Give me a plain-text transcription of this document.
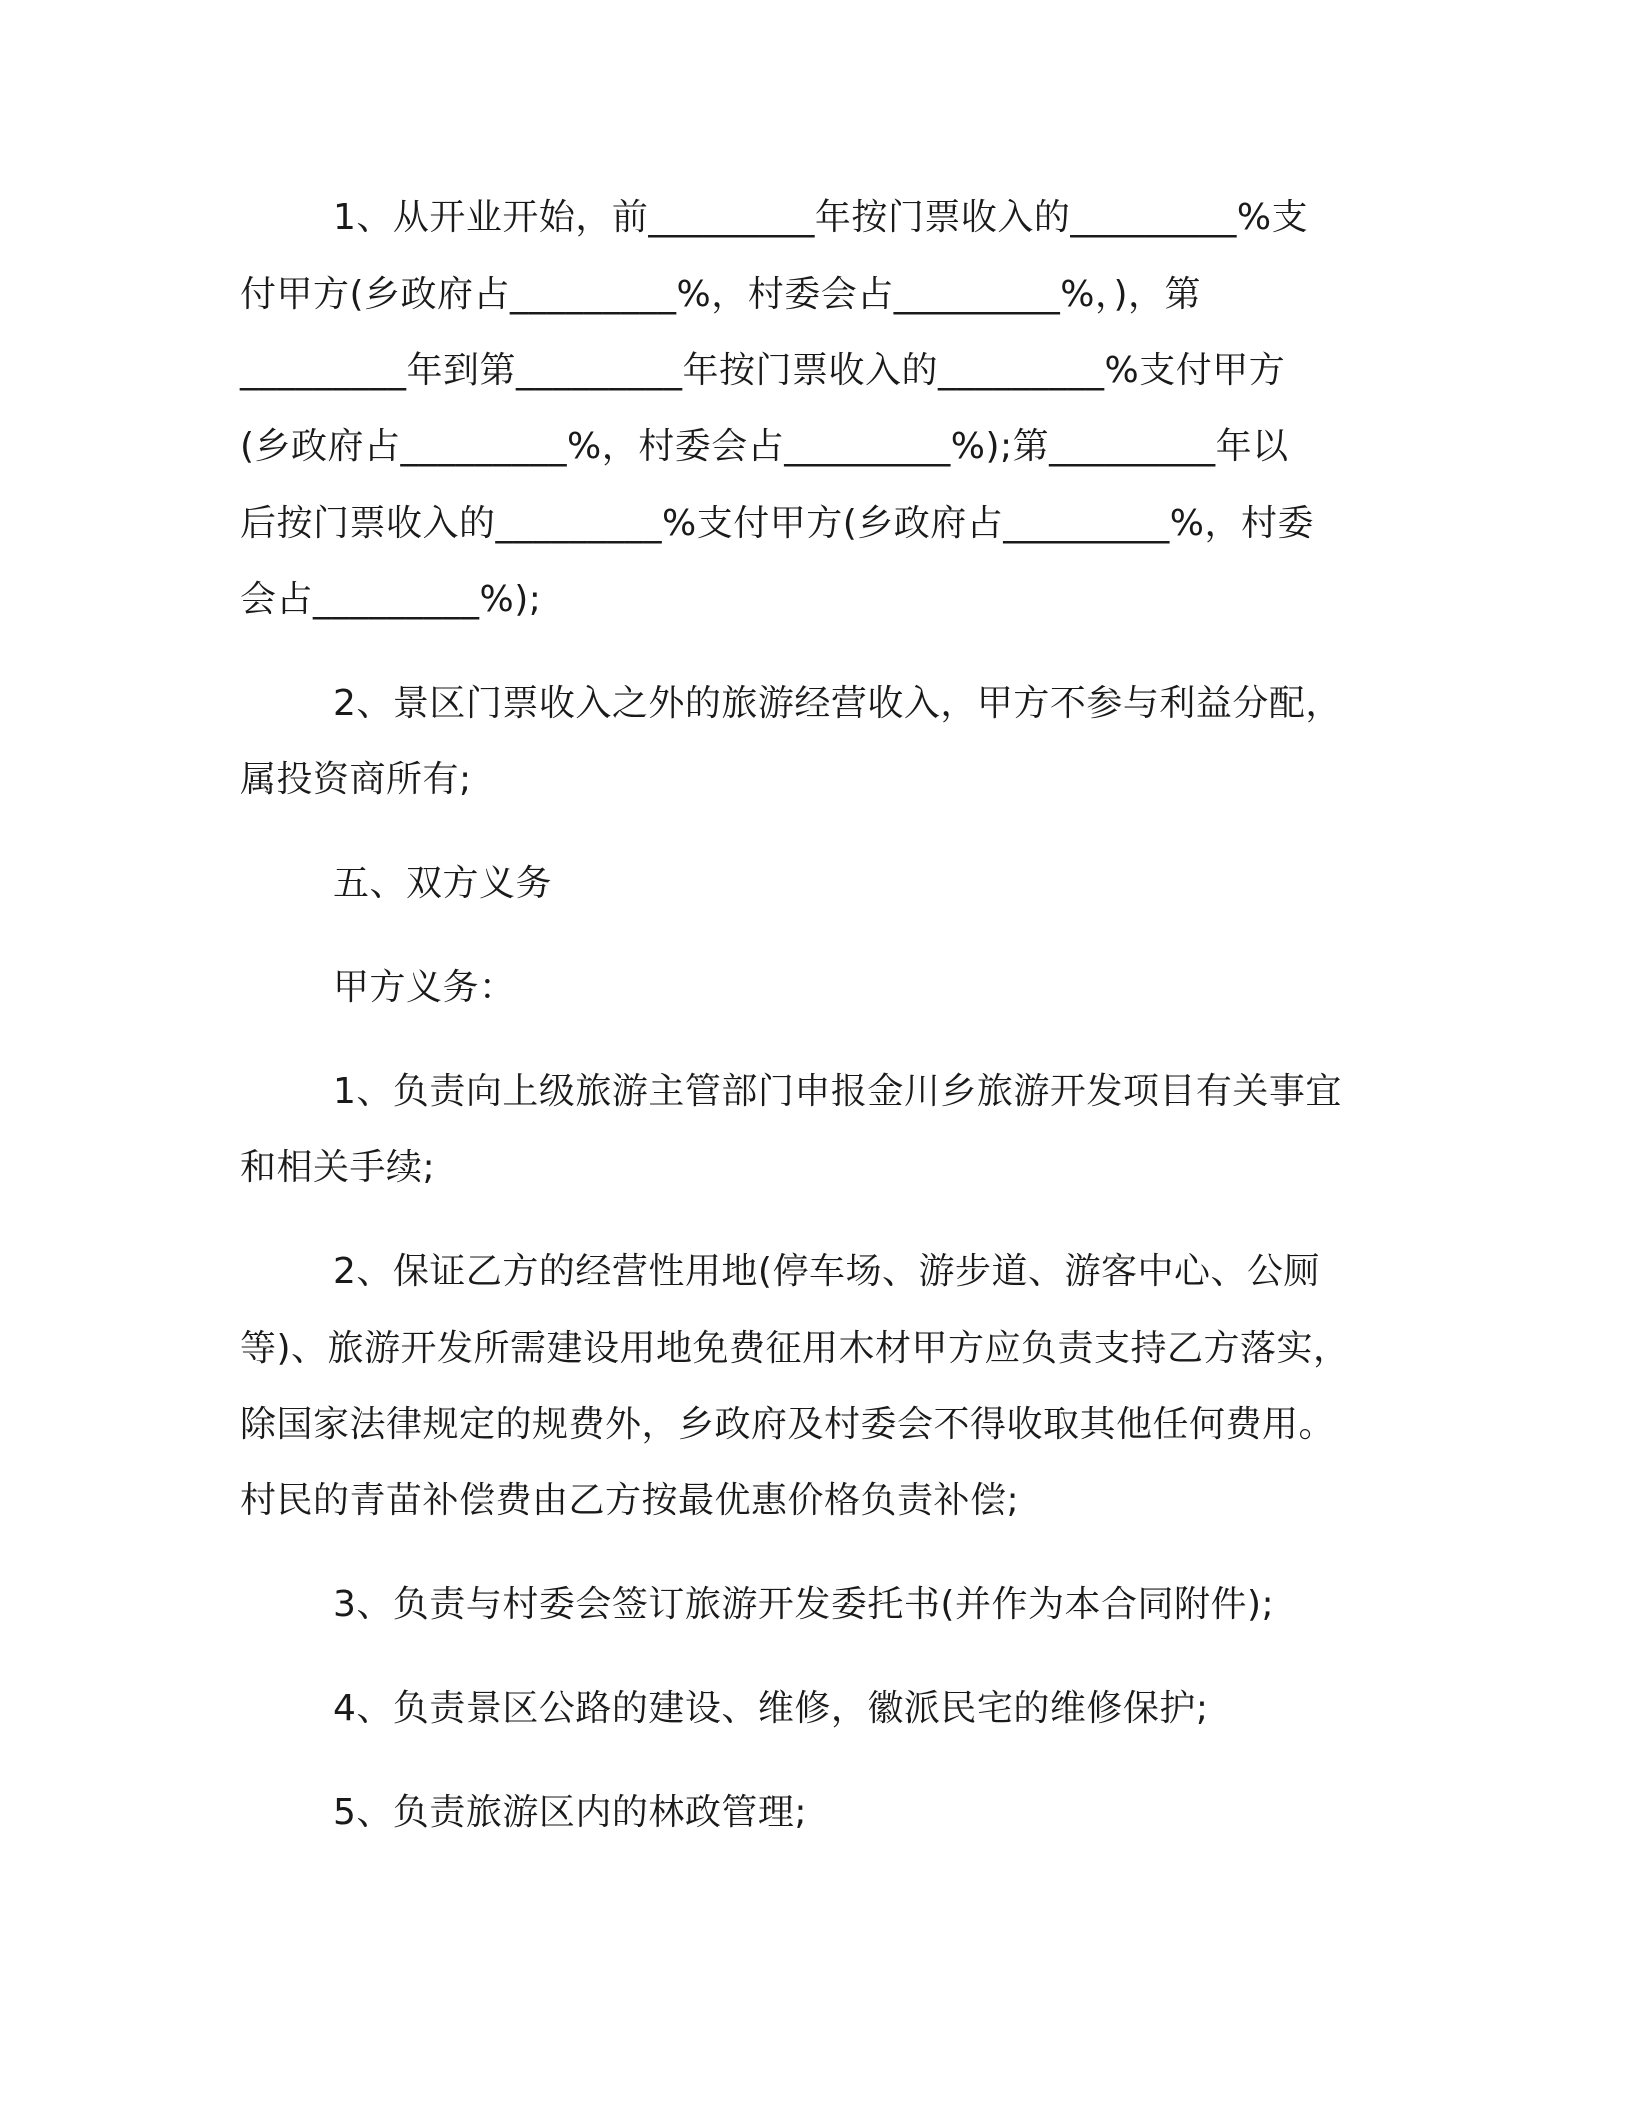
1、从开业开始，前_________年按门票收入的_________%支
付甲方(乡政府占_________%，村委会占_________%，)，第
_________年到第_________年按门票收入的_________%支付甲方
(乡政府占_________%，村委会占_________%);第_________年以
后按门票收入的_________%支付甲方(乡政府占_________%，村委
会占_________%);
2、景区门票收入之外的旅游经营收入，甲方不参与利益分配，
属投资商所有;
五、双方义务
甲方义务：
1、负责向上级旅游主管部门申报金川乡旅游开发项目有关事宜
和相关手续;
2、保证乙方的经营性用地(停车场、游步道、游客中心、公厕
等)、旅游开发所需建设用地免费征用木材甲方应负责支持乙方落实，
除国家法律规定的规费外，乡政府及村委会不得收取其他任何费用。
村民的青苗补偿费由乙方按最优惠价格负责补偿;
3、负责与村委会签订旅游开发委托书(并作为本合同附件);
4、负责景区公路的建设、维修，徽派民宅的维修保护;
5、负责旅游区内的林政管理;
